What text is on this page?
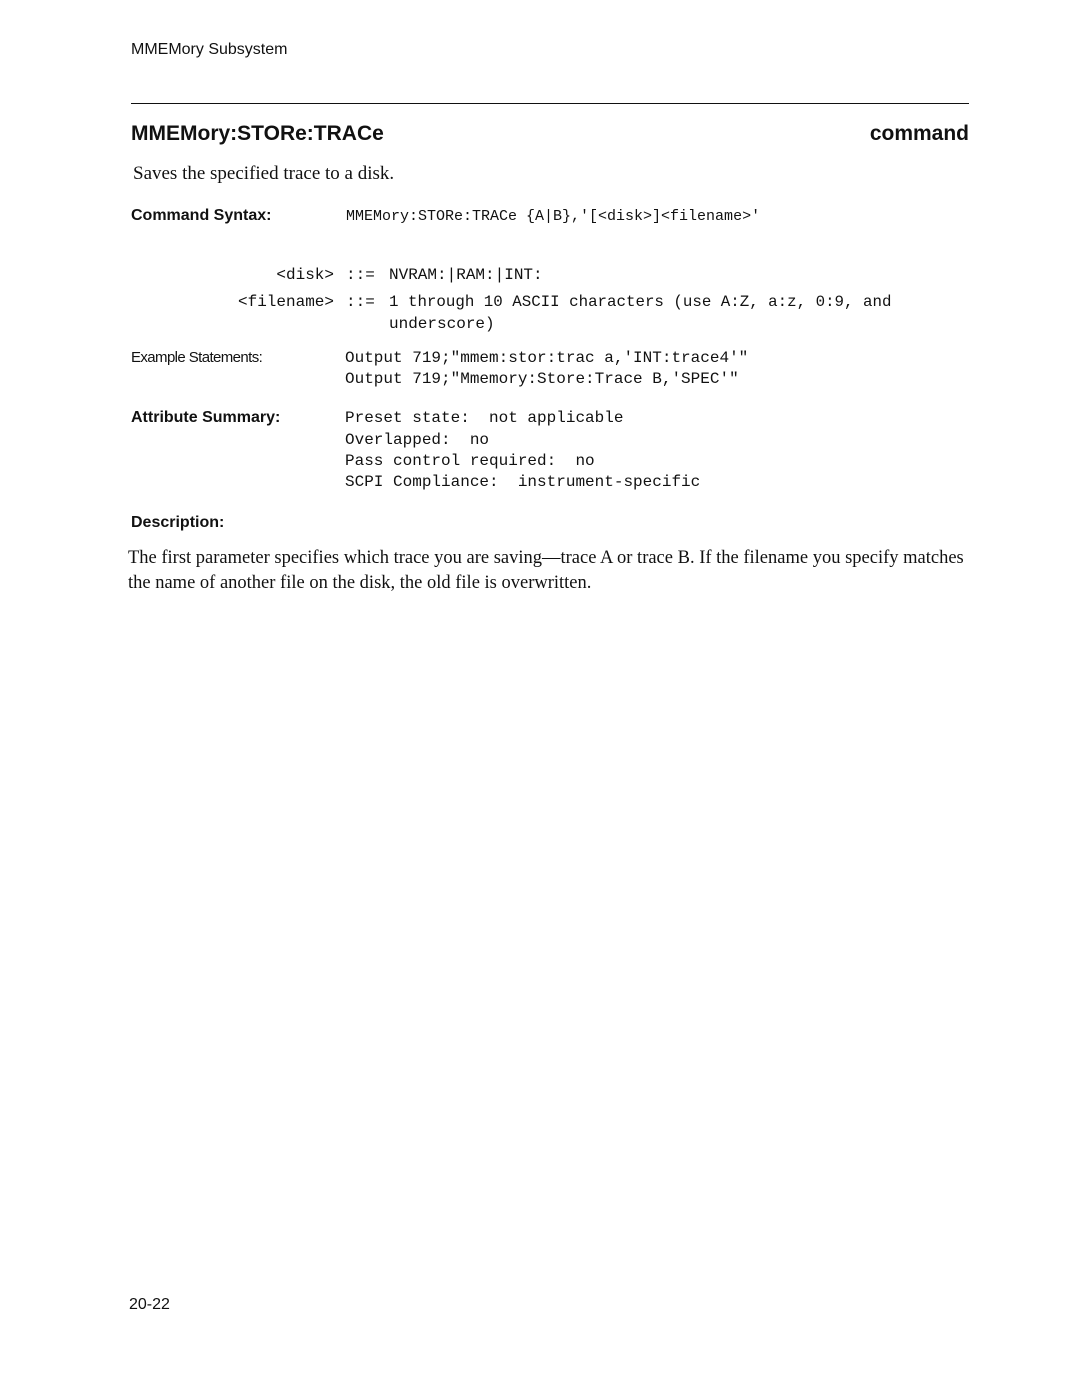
MMEMory Subsystem
MMEMory:STORe:TRACe	command
Saves the specified trace to a disk.
Command Syntax:	MMEMory:STORe:TRACe {A|B},'[<disk>]<filename>'
<disk> ::= NVRAM:|RAM:|INT:
<filename> ::= 1 through 10 ASCII characters (use A:Z, a:z, 0:9, and
underscore)
Example Statements:	Output 719;"mmem:stor:trac a,'INT:trace4'"
Output 719;"Mmemory:Store:Trace B,'SPEC'"
Attribute Summary:	Preset state:  not applicable
Overlapped:  no
Pass control required:  no
SCPI Compliance:  instrument-specific
Description:

The first parameter specifies which trace you are saving—trace A or trace B. If the filename you specify matches the name of another file on the disk, the old file is overwritten.

20-22
